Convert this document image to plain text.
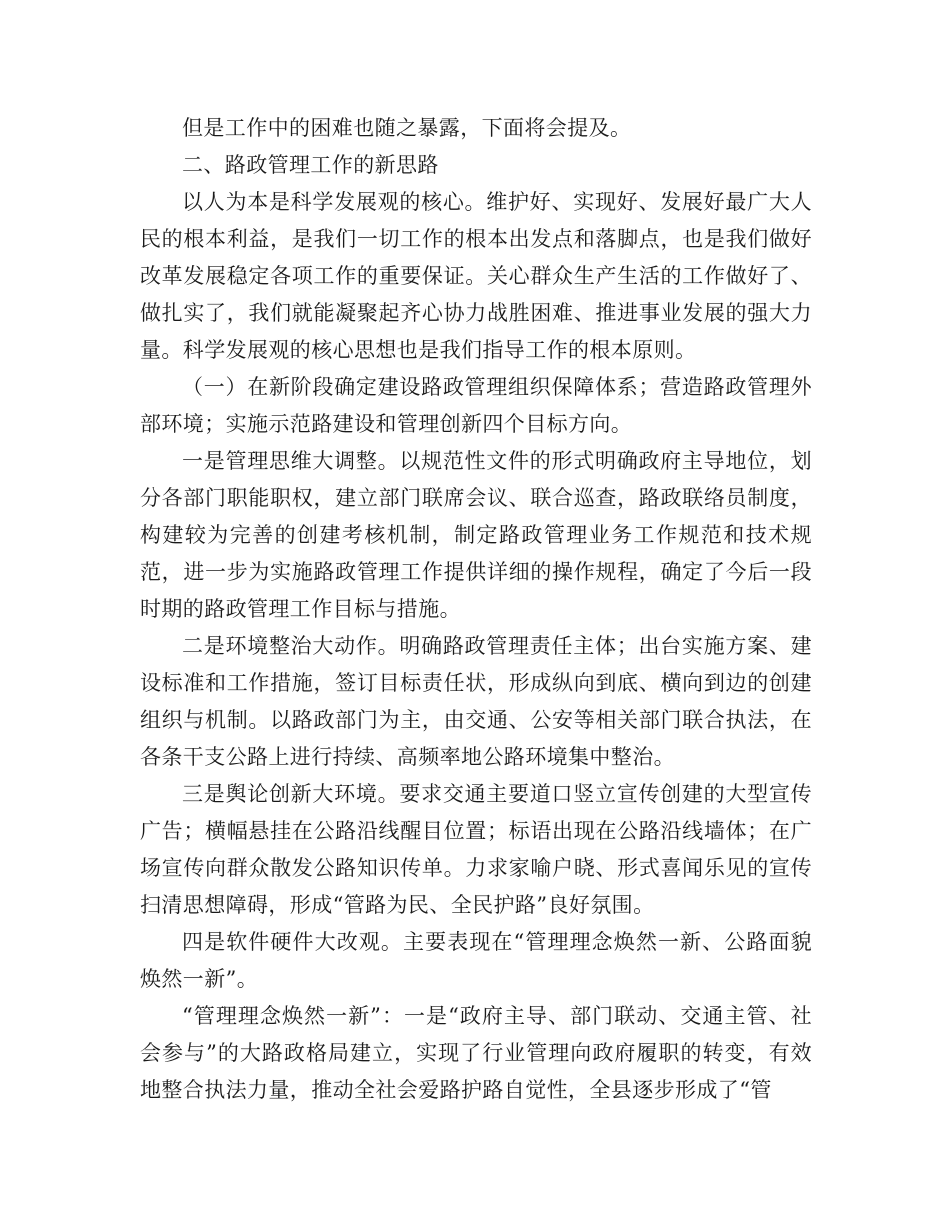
但是工作中的困难也随之暴露，下面将会提及。

二、路政管理工作的新思路

以人为本是科学发展观的核心。维护好、实现好、发展好最广大人民的根本利益，是我们一切工作的根本出发点和落脚点，也是我们做好改革发展稳定各项工作的重要保证。关心群众生产生活的工作做好了、做扎实了，我们就能凝聚起齐心协力战胜困难、推进事业发展的强大力量。科学发展观的核心思想也是我们指导工作的根本原则。

（一）在新阶段确定建设路政管理组织保障体系；营造路政管理外部环境；实施示范路建设和管理创新四个目标方向。

一是管理思维大调整。以规范性文件的形式明确政府主导地位，划分各部门职能职权，建立部门联席会议、联合巡查，路政联络员制度，构建较为完善的创建考核机制，制定路政管理业务工作规范和技术规范，进一步为实施路政管理工作提供详细的操作规程，确定了今后一段时期的路政管理工作目标与措施。

二是环境整治大动作。明确路政管理责任主体；出台实施方案、建设标准和工作措施，签订目标责任状，形成纵向到底、横向到边的创建组织与机制。以路政部门为主，由交通、公安等相关部门联合执法，在各条干支公路上进行持续、高频率地公路环境集中整治。

三是舆论创新大环境。要求交通主要道口竖立宣传创建的大型宣传广告；横幅悬挂在公路沿线醒目位置；标语出现在公路沿线墙体；在广场宣传向群众散发公路知识传单。力求家喻户晓、形式喜闻乐见的宣传扫清思想障碍，形成“管路为民、全民护路”良好氛围。

四是软件硬件大改观。主要表现在“管理理念焕然一新、公路面貌焕然一新”。

“管理理念焕然一新”：一是“政府主导、部门联动、交通主管、社会参与”的大路政格局建立，实现了行业管理向政府履职的转变，有效地整合执法力量，推动全社会爱路护路自觉性，全县逐步形成了“管
